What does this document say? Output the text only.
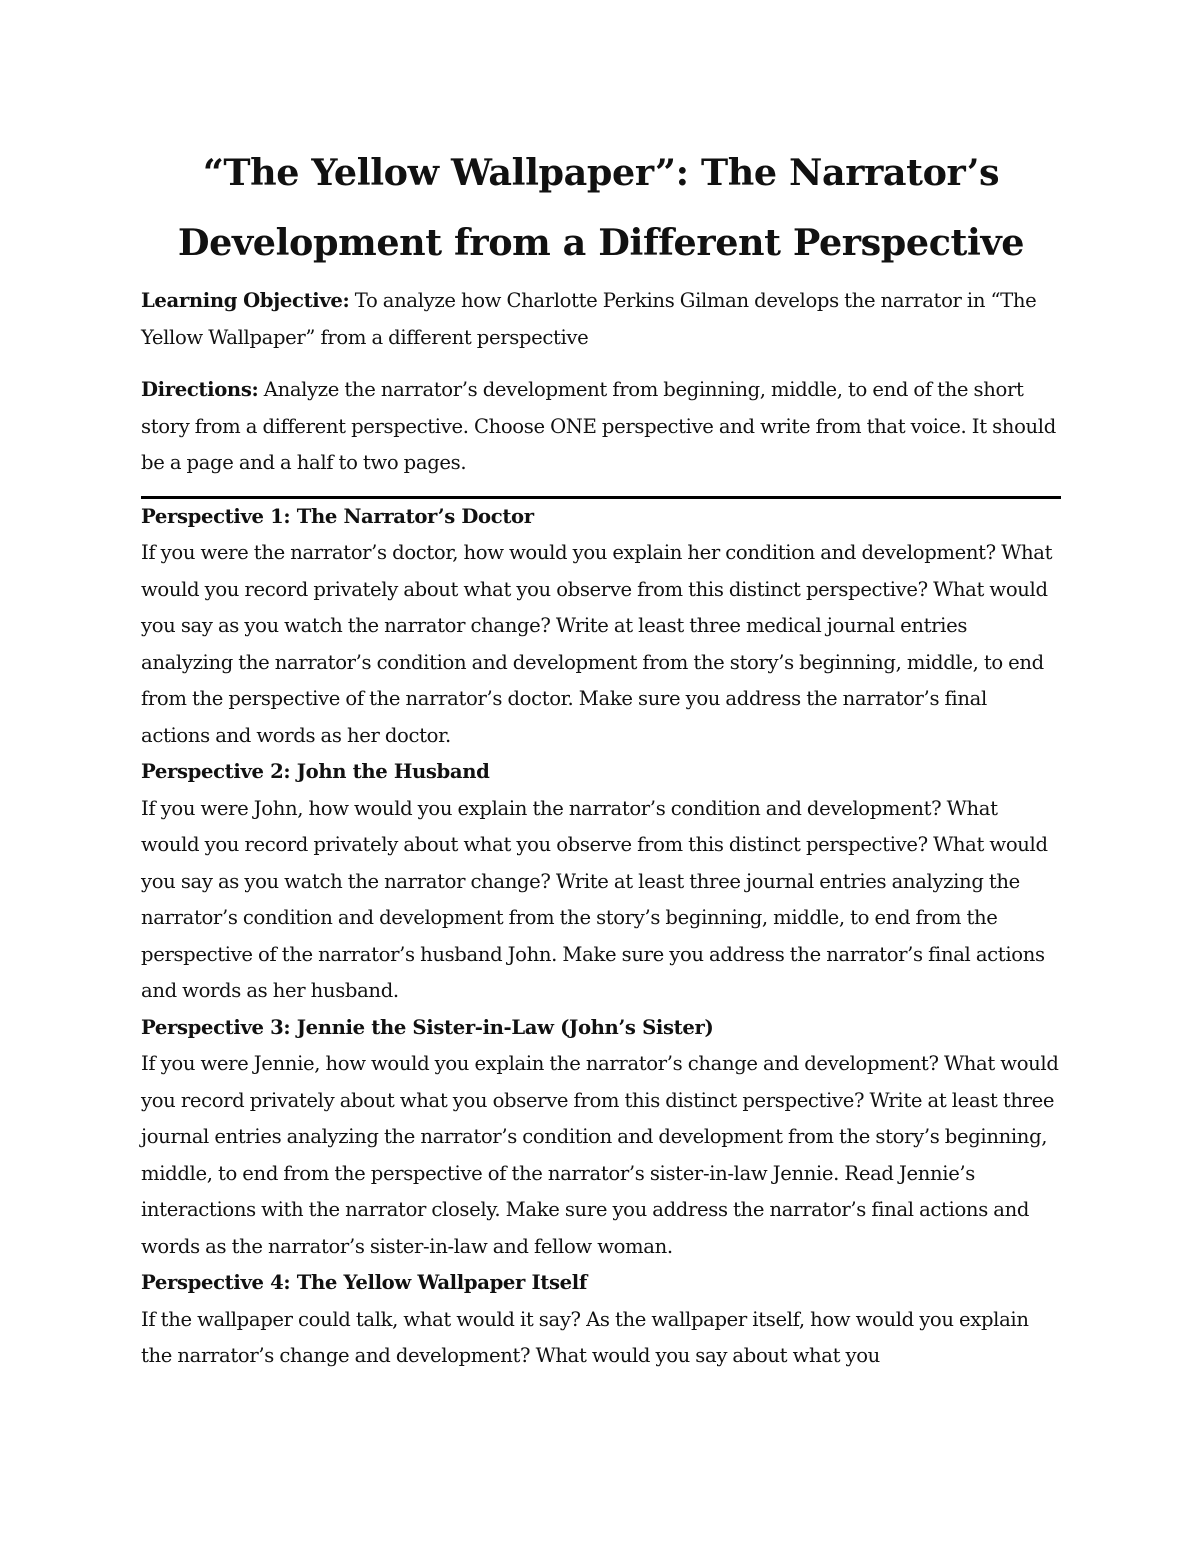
“The Yellow Wallpaper”: The Narrator’s
Development from a Different Perspective

Learning Objective: To analyze how Charlotte Perkins Gilman develops the narrator in “The Yellow Wallpaper” from a different perspective

Directions: Analyze the narrator’s development from beginning, middle, to end of the short story from a different perspective. Choose ONE perspective and write from that voice. It should be a page and a half to two pages.

Perspective 1: The Narrator’s Doctor

If you were the narrator’s doctor, how would you explain her condition and development? What would you record privately about what you observe from this distinct perspective? What would you say as you watch the narrator change? Write at least three medical journal entries analyzing the narrator’s condition and development from the story’s beginning, middle, to end from the perspective of the narrator’s doctor. Make sure you address the narrator’s final actions and words as her doctor.

Perspective 2: John the Husband

If you were John, how would you explain the narrator’s condition and development? What would you record privately about what you observe from this distinct perspective? What would you say as you watch the narrator change? Write at least three journal entries analyzing the narrator’s condition and development from the story’s beginning, middle, to end from the perspective of the narrator’s husband John. Make sure you address the narrator’s final actions and words as her husband.

Perspective 3: Jennie the Sister-in-Law (John’s Sister)

If you were Jennie, how would you explain the narrator’s change and development? What would you record privately about what you observe from this distinct perspective? Write at least three journal entries analyzing the narrator’s condition and development from the story’s beginning, middle, to end from the perspective of the narrator’s sister-in-law Jennie. Read Jennie’s interactions with the narrator closely. Make sure you address the narrator’s final actions and words as the narrator’s sister-in-law and fellow woman.

Perspective 4: The Yellow Wallpaper Itself

If the wallpaper could talk, what would it say? As the wallpaper itself, how would you explain the narrator’s change and development? What would you say about what you
